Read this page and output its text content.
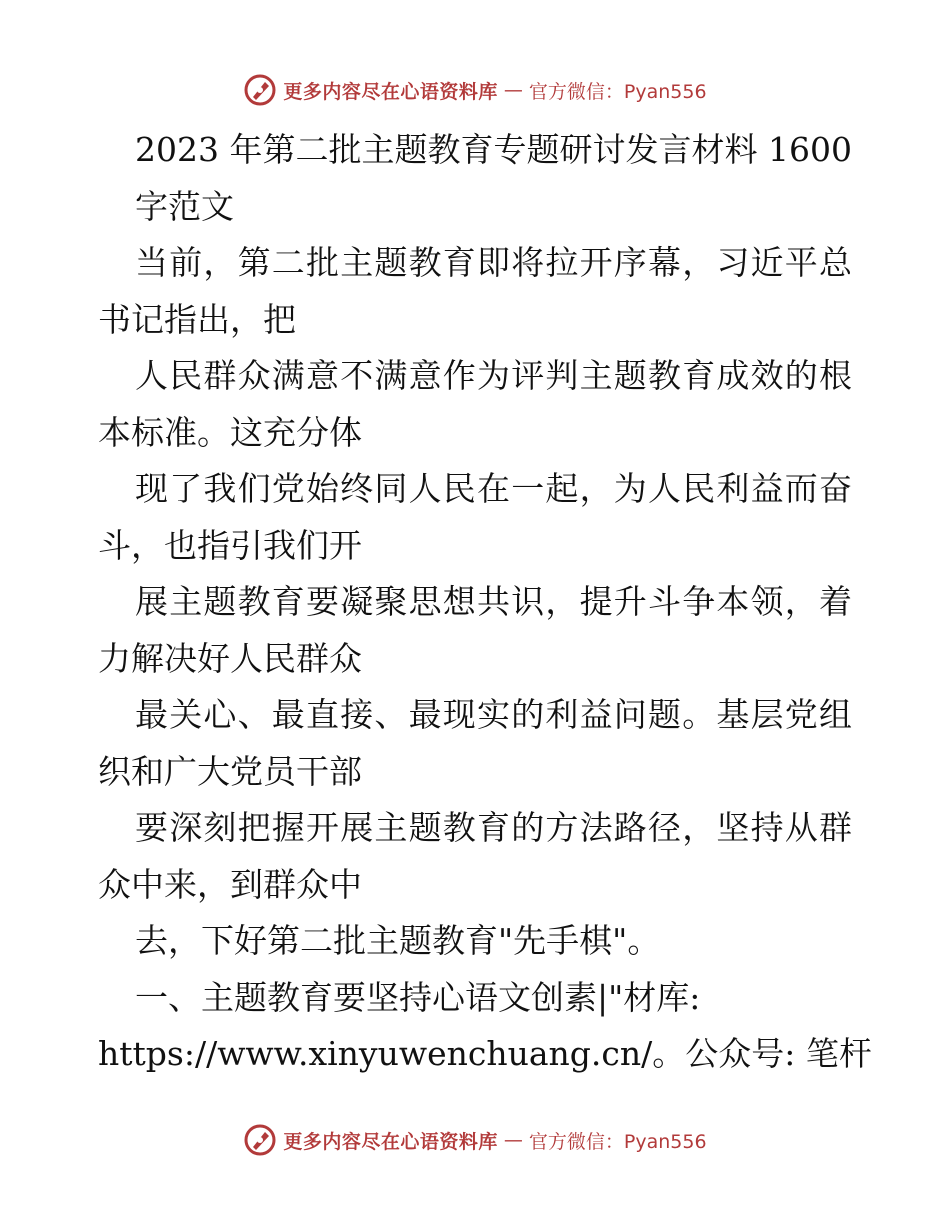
更多内容尽在心语资料库 — 官方微信：Pyan556
2023 年第二批主题教育专题研讨发言材料 1600
字范文
当前，第二批主题教育即将拉开序幕，习近平总
书记指出，把
人民群众满意不满意作为评判主题教育成效的根
本标准。这充分体
现了我们党始终同人民在一起，为人民利益而奋
斗，也指引我们开
展主题教育要凝聚思想共识，提升斗争本领，着
力解决好人民群众
最关心、最直接、最现实的利益问题。基层党组
织和广大党员干部
要深刻把握开展主题教育的方法路径，坚持从群
众中来，到群众中
去，下好第二批主题教育"先手棋"。
一、主题教育要坚持心语文创素|"材库:
https://www.xinyuwenchuang.cn/。公众号: 笔杆
更多内容尽在心语资料库 — 官方微信：Pyan556
